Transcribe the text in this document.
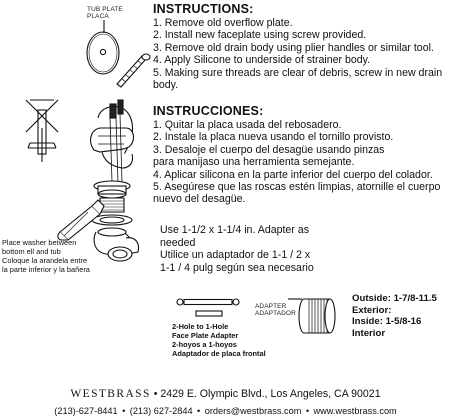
TUB PLATE
PLACA
ADAPTER
ADAPTADOR
INSTRUCTIONS:
1. Remove old overflow plate.
2. Install new faceplate using screw provided.
3. Remove old drain body using plier handles or similar tool.
4. Apply Silicone to underside of strainer body.
5. Making sure threads are clear of debris, screw in new drain
body.
INSTRUCCIONES:
1. Quitar la placa usada del rebosadero.
2. Instale la placa nueva usando el tornillo provisto.
3. Desaloje el cuerpo del desagüe usando pinzas
para manijaso una herramienta semejante.
4. Aplicar silicona en la parte inferior del cuerpo del colador.
5. Asegúrese que las roscas estén limpias, atornille el cuerpo
nuevo del desagüe.
Place washer between
bottom ell and tub
Coloque la arandela entre
la parte inferior y la bañera
Use 1-1/2 x 1-1/4 in. Adapter as
needed
Utilice un adaptador de 1-1 / 2 x
1-1 / 4 pulg según sea necesario
2-Hole to 1-Hole
Face Plate Adapter
2-hoyos a 1-hoyos
Adaptador de placa frontal
Outside: 1-7/8-11.5
Exterior:
Inside: 1-5/8-16
Interior
WESTBRASS • 2429 E. Olympic Blvd., Los Angeles, CA 90021
(213)-627-8441 • (213) 627-2844 • orders@westbrass.com • www.westbrass.com
